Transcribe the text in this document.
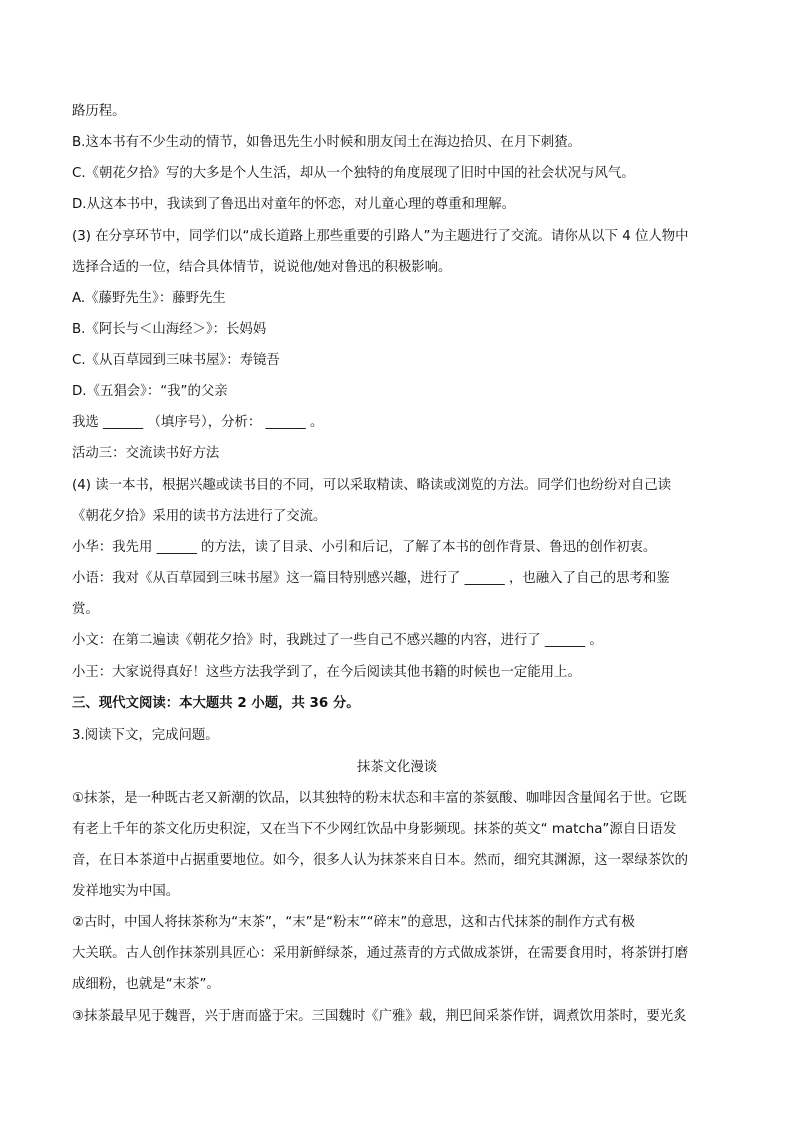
路历程。
B.这本书有不少生动的情节，如鲁迅先生小时候和朋友闰土在海边拾贝、在月下刺猹。
C.《朝花夕拾》写的大多是个人生活，却从一个独特的角度展现了旧时中国的社会状况与风气。
D.从这本书中，我读到了鲁迅出对童年的怀恋，对儿童心理的尊重和理解。
(3) 在分享环节中，同学们以“成长道路上那些重要的引路人”为主题进行了交流。请你从以下 4 位人物中
选择合适的一位，结合具体情节，说说他/她对鲁迅的积极影响。
A.《藤野先生》：藤野先生
B.《阿长与＜山海经＞》：长妈妈
C.《从百草园到三味书屋》：寿镜吾
D.《五猖会》：“我”的父亲
我选 ______ （填序号），分析： ______ 。
活动三：交流读书好方法
(4) 读一本书，根据兴趣或读书目的不同，可以采取精读、略读或浏览的方法。同学们也纷纷对自己读
《朝花夕拾》采用的读书方法进行了交流。
小华：我先用 ______ 的方法，读了目录、小引和后记，了解了本书的创作背景、鲁迅的创作初衷。
小语：我对《从百草园到三味书屋》这一篇目特别感兴趣，进行了 ______ ，也融入了自己的思考和鉴
赏。
小文：在第二遍读《朝花夕拾》时，我跳过了一些自己不感兴趣的内容，进行了 ______ 。
小王：大家说得真好！这些方法我学到了，在今后阅读其他书籍的时候也一定能用上。
三、现代文阅读：本大题共 2 小题，共 36 分。
3.阅读下文，完成问题。
抹茶文化漫谈
①抹茶，是一种既古老又新潮的饮品，以其独特的粉末状态和丰富的茶氨酸、咖啡因含量闻名于世。它既
有老上千年的茶文化历史积淀，又在当下不少网红饮品中身影频现。抹茶的英文“ matcha”源自日语发
音，在日本茶道中占据重要地位。如今，很多人认为抹茶来自日本。然而，细究其渊源，这一翠绿茶饮的
发祥地实为中国。
②古时，中国人将抹茶称为“末茶”，“末”是“粉末”“碎末”的意思，这和古代抹茶的制作方式有极
大关联。古人创作抹茶别具匠心：采用新鲜绿茶，通过蒸青的方式做成茶饼，在需要食用时，将茶饼打磨
成细粉，也就是“末茶”。
③抹茶最早见于魏晋，兴于唐而盛于宋。三国魏时《广雅》载，荆巴间采茶作饼，调煮饮用茶时，要光炙
